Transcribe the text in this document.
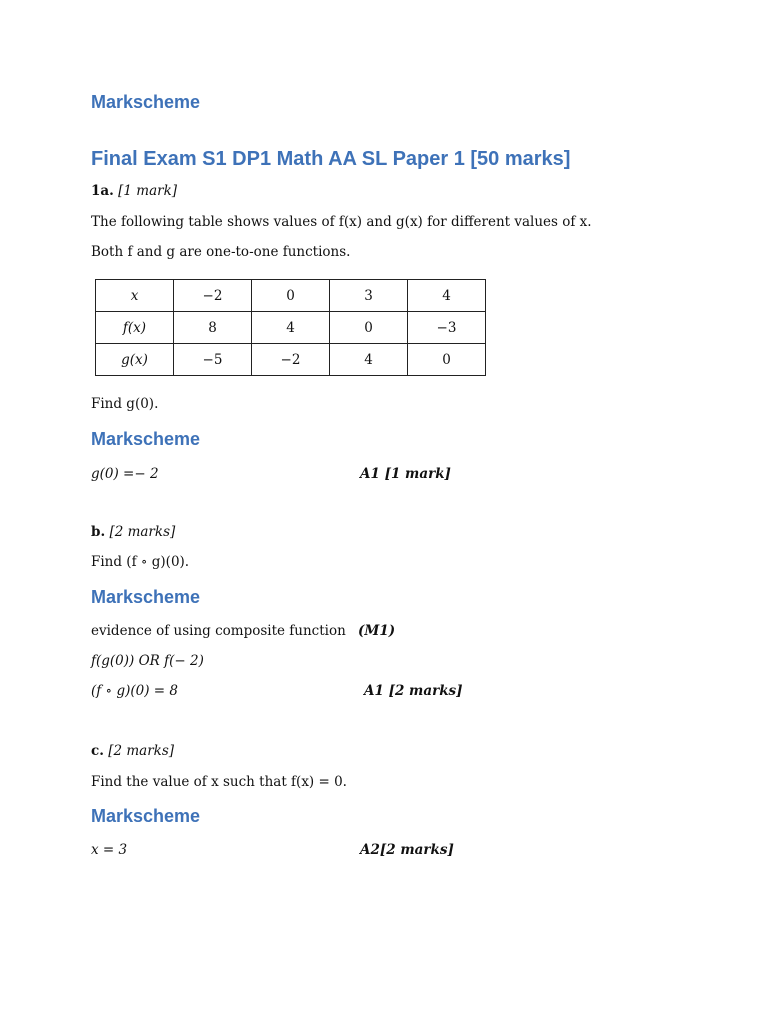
Markscheme
Final Exam S1 DP1 Math AA SL Paper 1 [50 marks]

1a. [1 mark]

The following table shows values of f(x) and g(x) for different values of x.

Both f and g are one-to-one functions.

x	−2	0	3	4
f(x)	8	4	0	−3
g(x)	−5	−2	4	0

Find g(0).

Markscheme

g(0) =− 2	A1 [1 mark]

b. [2 marks]

Find (f ∘ g)(0).

Markscheme

evidence of using composite function (M1)

f(g(0)) OR f(− 2)

(f ∘ g)(0) = 8	A1 [2 marks]

c. [2 marks]

Find the value of x such that f(x) = 0.

Markscheme

x = 3	A2[2 marks]
